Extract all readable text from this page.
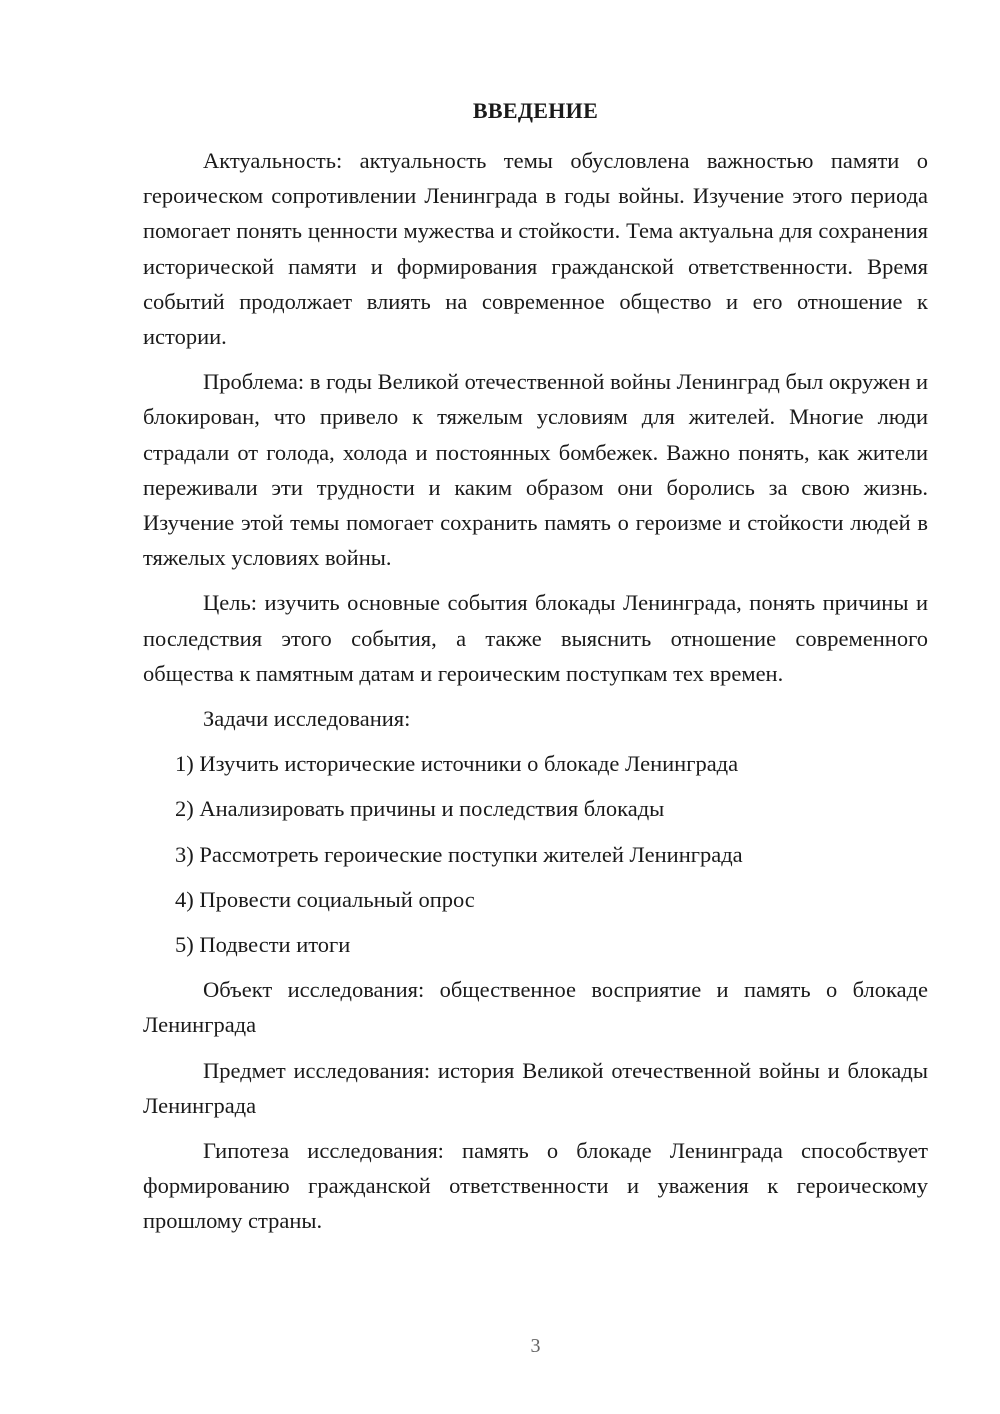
ВВЕДЕНИЕ

Актуальность: актуальность темы обусловлена важностью памяти о героическом сопротивлении Ленинграда в годы войны. Изучение этого периода помогает понять ценности мужества и стойкости. Тема актуальна для сохранения исторической памяти и формирования гражданской ответственности. Время событий продолжает влиять на современное общество и его отношение к истории.

Проблема: в годы Великой отечественной войны Ленинград был окружен и блокирован, что привело к тяжелым условиям для жителей. Многие люди страдали от голода, холода и постоянных бомбежек. Важно понять, как жители переживали эти трудности и каким образом они боролись за свою жизнь. Изучение этой темы помогает сохранить память о героизме и стойкости людей в тяжелых условиях войны.

Цель: изучить основные события блокады Ленинграда, понять причины и последствия этого события, а также выяснить отношение современного общества к памятным датам и героическим поступкам тех времен.

Задачи исследования:

1) Изучить исторические источники о блокаде Ленинграда

2) Анализировать причины и последствия блокады

3) Рассмотреть героические поступки жителей Ленинграда

4) Провести социальный опрос

5) Подвести итоги

Объект исследования: общественное восприятие и память о блокаде Ленинграда

Предмет исследования: история Великой отечественной войны и блокады Ленинграда

Гипотеза исследования: память о блокаде Ленинграда способствует формированию гражданской ответственности и уважения к героическому прошлому страны.

3
